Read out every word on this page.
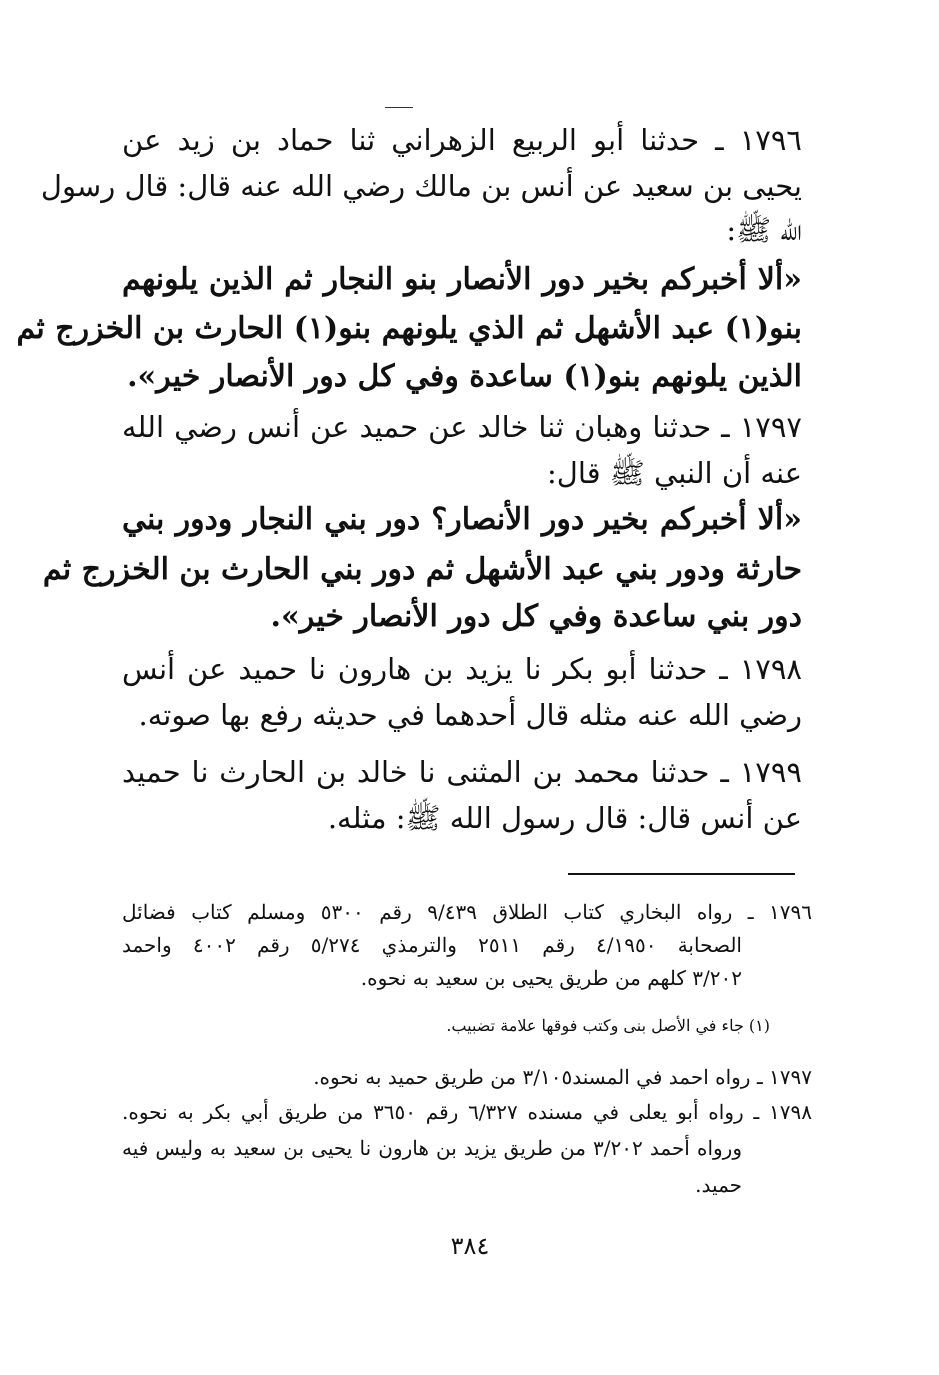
١٧٩٦ ـ حدثنا أبو الربيع الزهراني ثنا حماد بن زيد عن
يحيى بن سعيد عن أنس بن مالك رضي الله عنه قال: قال رسول
الله ﷺ:
«ألا أخبركم بخير دور الأنصار بنو النجار ثم الذين يلونهم
بنو(١) عبد الأشهل ثم الذي يلونهم بنو(١) الحارث بن الخزرج ثم
الذين يلونهم بنو(١) ساعدة وفي كل دور الأنصار خير».
١٧٩٧ ـ حدثنا وهبان ثنا خالد عن حميد عن أنس رضي الله
عنه أن النبي ﷺ قال:
«ألا أخبركم بخير دور الأنصار؟ دور بني النجار ودور بني
حارثة ودور بني عبد الأشهل ثم دور بني الحارث بن الخزرج ثم
دور بني ساعدة وفي كل دور الأنصار خير».
١٧٩٨ ـ حدثنا أبو بكر نا يزيد بن هارون نا حميد عن أنس
رضي الله عنه مثله قال أحدهما في حديثه رفع بها صوته.
١٧٩٩ ـ حدثنا محمد بن المثنى نا خالد بن الحارث نا حميد
عن أنس قال: قال رسول الله ﷺ: مثله.
١٧٩٦ ـ رواه البخاري كتاب الطلاق ٩/٤٣٩ رقم ٥٣٠٠ ومسلم كتاب فضائل
الصحابة ٤/١٩٥٠ رقم ٢٥١١ والترمذي ٥/٢٧٤ رقم ٤٠٠٢ واحمد
٣/٢٠٢ كلهم من طريق يحيى بن سعيد به نحوه.
(١) جاء في الأصل بنى وكتب فوقها علامة تضبيب.
١٧٩٧ ـ رواه احمد في المسند٣/١٠٥ من طريق حميد به نحوه.
١٧٩٨ ـ رواه أبو يعلى في مسنده ٦/٣٢٧ رقم ٣٦٥٠ من طريق أبي بكر به نحوه.
ورواه أحمد ٣/٢٠٢ من طريق يزيد بن هارون نا يحيى بن سعيد به وليس فيه
حميد.
٣٨٤
